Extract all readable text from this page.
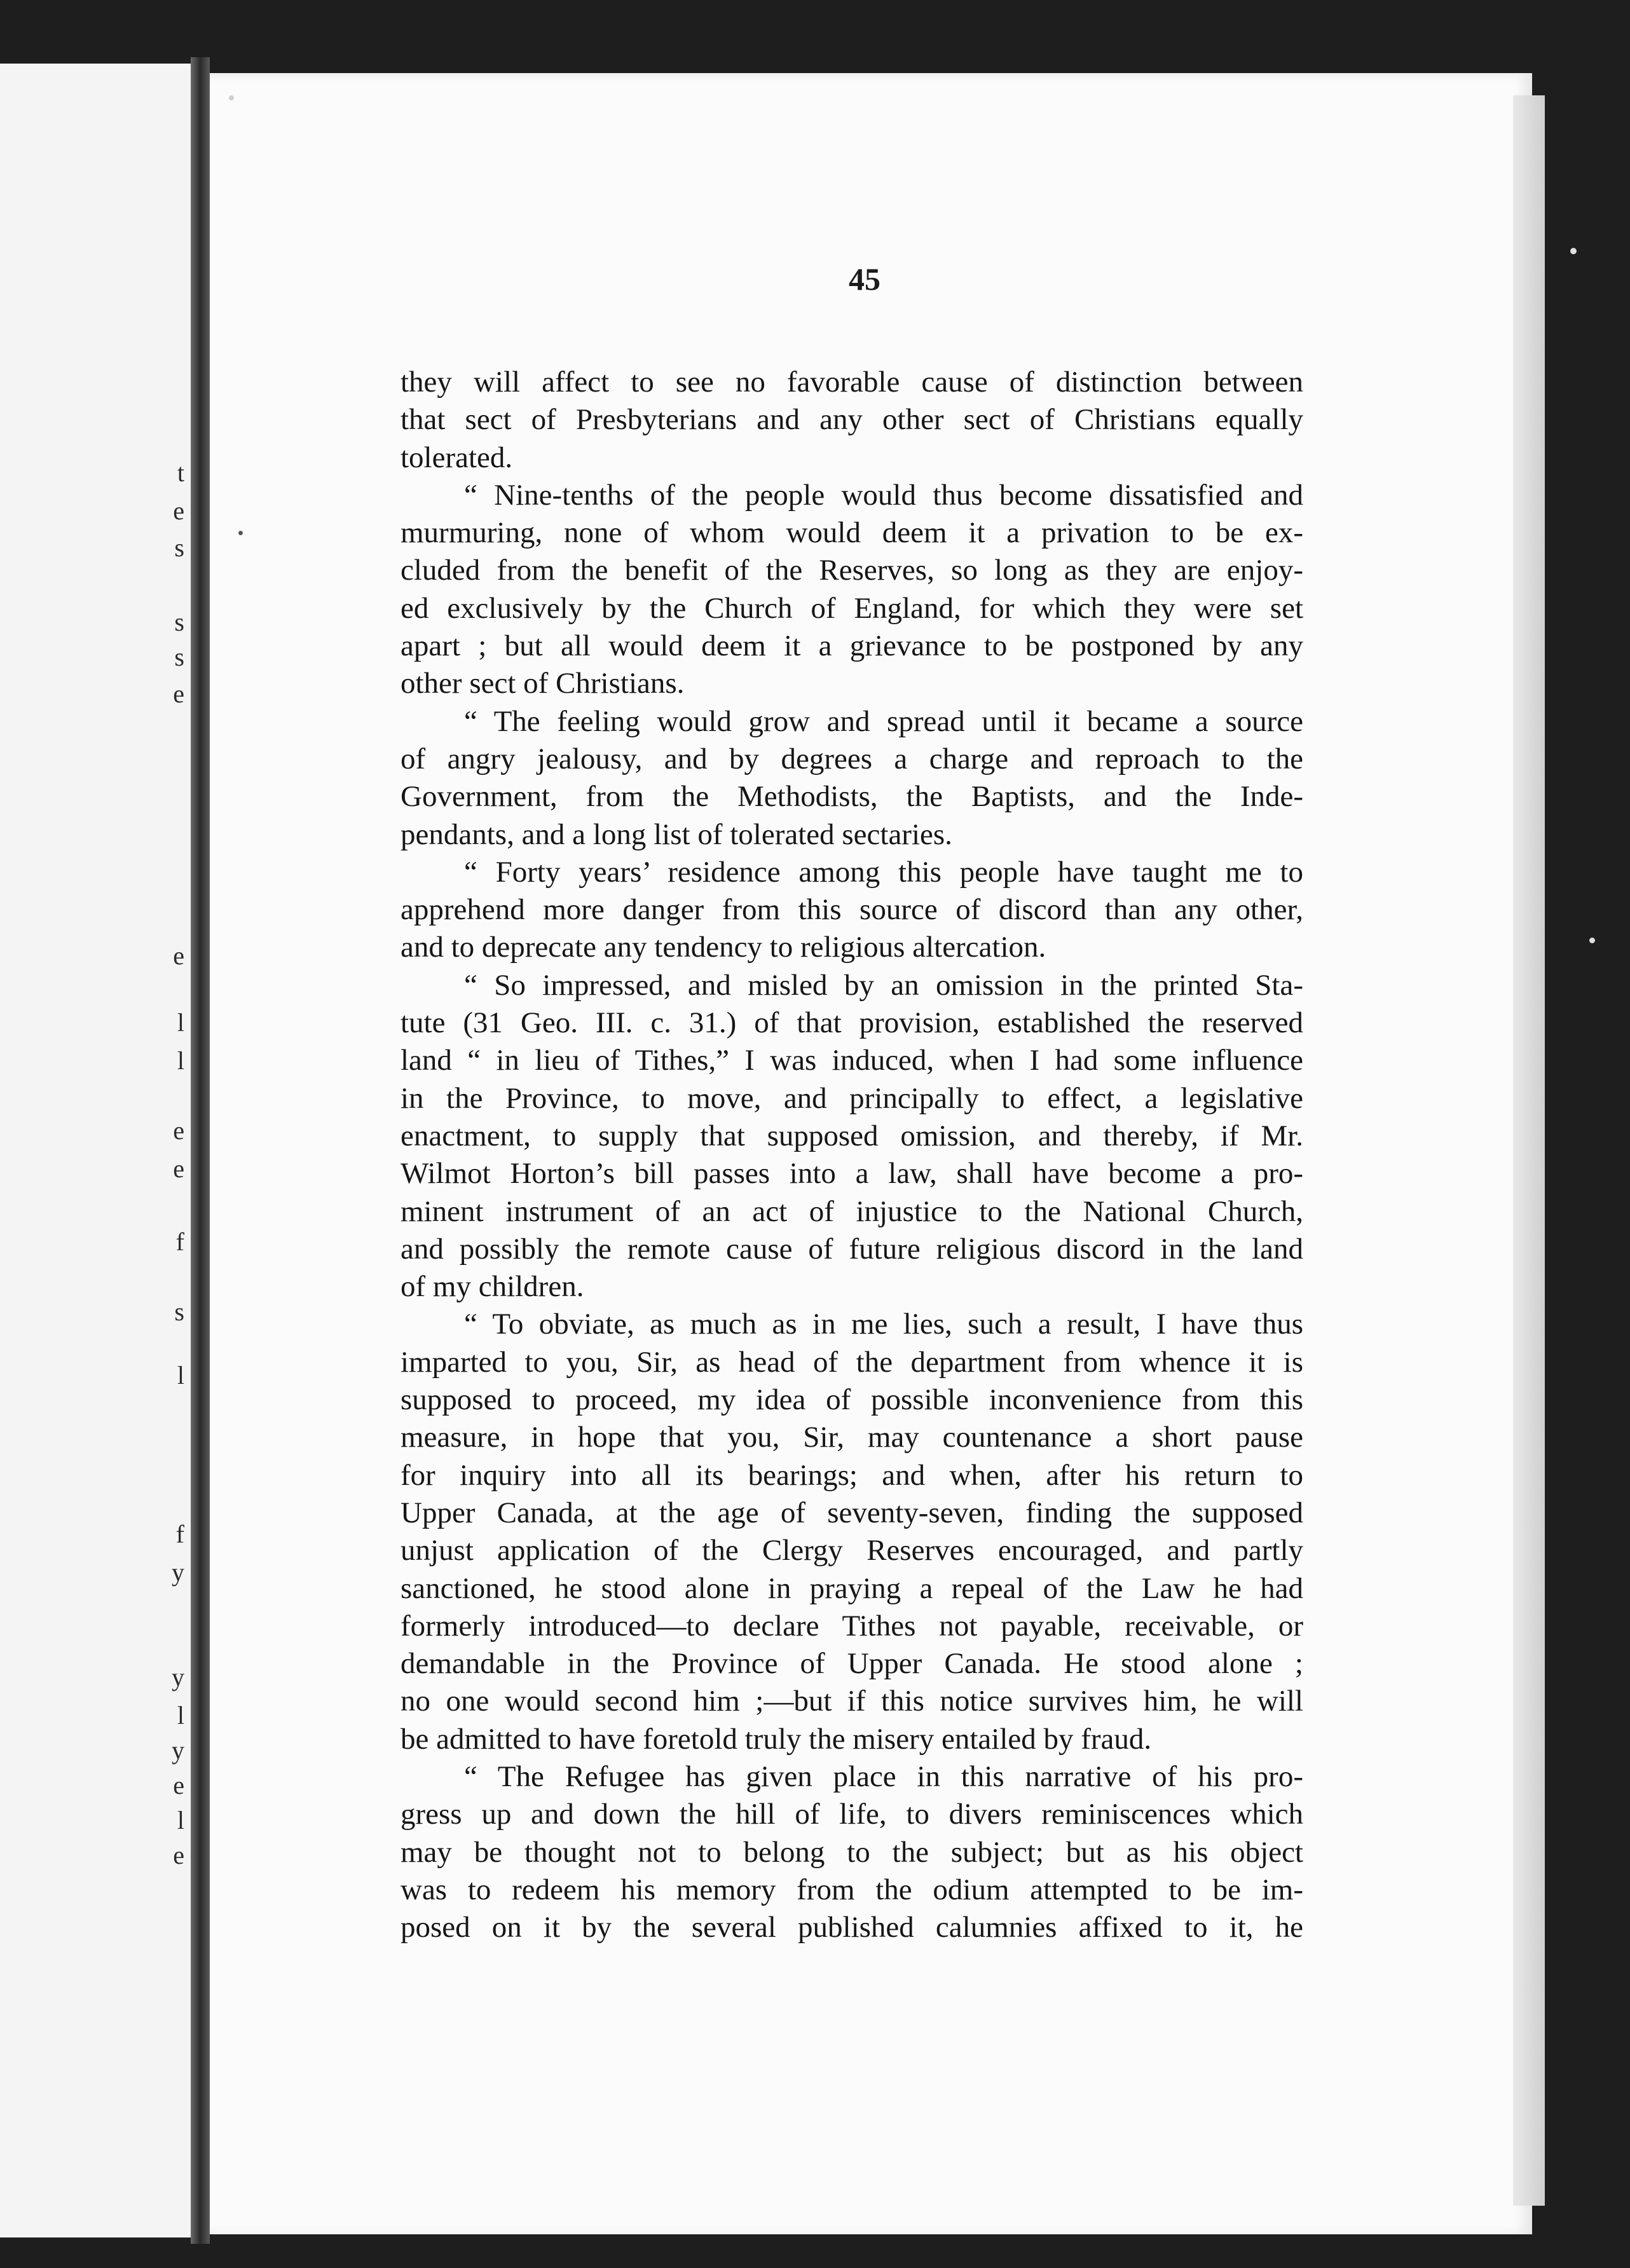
t
e
s
s
s
e
e
l
l
e
e
f
s
l
f
y
y
l
y
e
l
e
45
they will affect to see no favorable cause of distinction between
that sect of Presbyterians and any other sect of Christians equally
tolerated.
“ Nine-tenths of the people would thus become dissatisfied and
murmuring, none of whom would deem it a privation to be ex-
cluded from the benefit of the Reserves, so long as they are enjoy-
ed exclusively by the Church of England, for which they were set
apart ; but all would deem it a grievance to be postponed by any
other sect of Christians.
“ The feeling would grow and spread until it became a source
of angry jealousy, and by degrees a charge and reproach to the
Government, from the Methodists, the Baptists, and the Inde-
pendants, and a long list of tolerated sectaries.
“ Forty years’ residence among this people have taught me to
apprehend more danger from this source of discord than any other,
and to deprecate any tendency to religious altercation.
“ So impressed, and misled by an omission in the printed Sta-
tute (31 Geo. III. c. 31.) of that provision, established the reserved
land “ in lieu of Tithes,” I was induced, when I had some influence
in the Province, to move, and principally to effect, a legislative
enactment, to supply that supposed omission, and thereby, if Mr.
Wilmot Horton’s bill passes into a law, shall have become a pro-
minent instrument of an act of injustice to the National Church,
and possibly the remote cause of future religious discord in the land
of my children.
“ To obviate, as much as in me lies, such a result, I have thus
imparted to you, Sir, as head of the department from whence it is
supposed to proceed, my idea of possible inconvenience from this
measure, in hope that you, Sir, may countenance a short pause
for inquiry into all its bearings; and when, after his return to
Upper Canada, at the age of seventy-seven, finding the supposed
unjust application of the Clergy Reserves encouraged, and partly
sanctioned, he stood alone in praying a repeal of the Law he had
formerly introduced—to declare Tithes not payable, receivable, or
demandable in the Province of Upper Canada. He stood alone ;
no one would second him ;—but if this notice survives him, he will
be admitted to have foretold truly the misery entailed by fraud.
“ The Refugee has given place in this narrative of his pro-
gress up and down the hill of life, to divers reminiscences which
may be thought not to belong to the subject; but as his object
was to redeem his memory from the odium attempted to be im-
posed on it by the several published calumnies affixed to it, he
